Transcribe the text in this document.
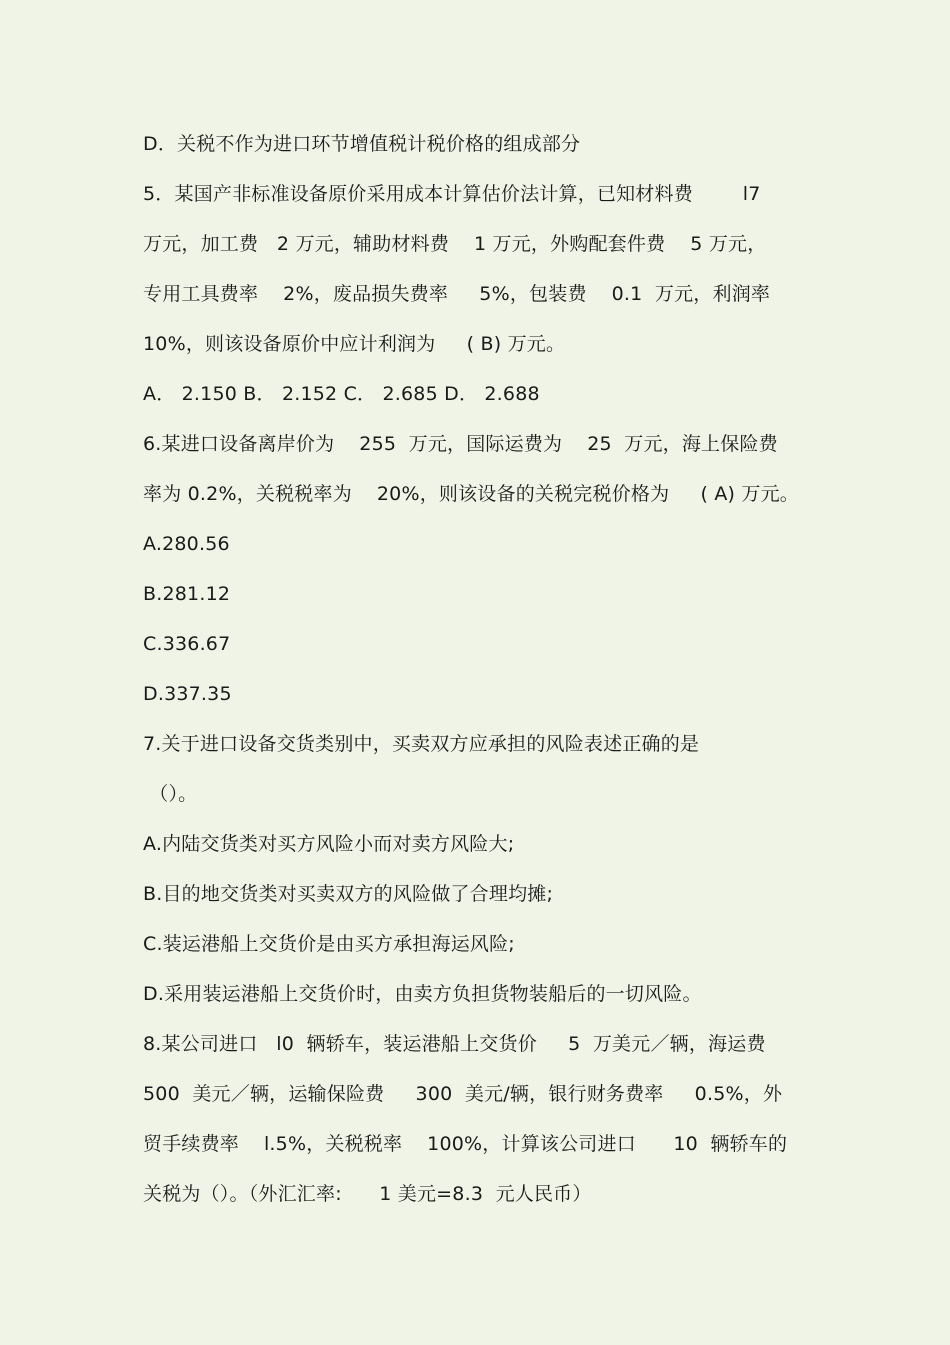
D．关税不作为进口环节增值税计税价格的组成部分
5．某国产非标准设备原价采用成本计算估价法计算，已知材料费        l7
万元，加工费   2 万元，辅助材料费    1 万元，外购配套件费    5 万元，
专用工具费率    2%，废品损失费率     5%，包装费    0.1  万元，利润率
10%，则该设备原价中应计利润为     ( B) 万元。
A． 2.150 B． 2.152 C． 2.685 D． 2.688
6.某进口设备离岸价为    255  万元，国际运费为    25  万元，海上保险费
率为 0.2%，关税税率为    20%，则该设备的关税完税价格为     ( A) 万元。
A.280.56
B.281.12
C.336.67
D.337.35
7.关于进口设备交货类别中，买卖双方应承担的风险表述正确的是
（）。
A.内陆交货类对买方风险小而对卖方风险大;
B.目的地交货类对买卖双方的风险做了合理均摊;
C.装运港船上交货价是由买方承担海运风险;
D.采用装运港船上交货价时，由卖方负担货物装船后的一切风险。
8.某公司进口   l0  辆轿车，装运港船上交货价     5  万美元／辆，海运费
500  美元／辆，运输保险费     300  美元/辆，银行财务费率     0.5%，外
贸手续费率    l.5%，关税税率    100%，计算该公司进口      10  辆轿车的
关税为（）。（外汇汇率:      1 美元=8.3  元人民币）
